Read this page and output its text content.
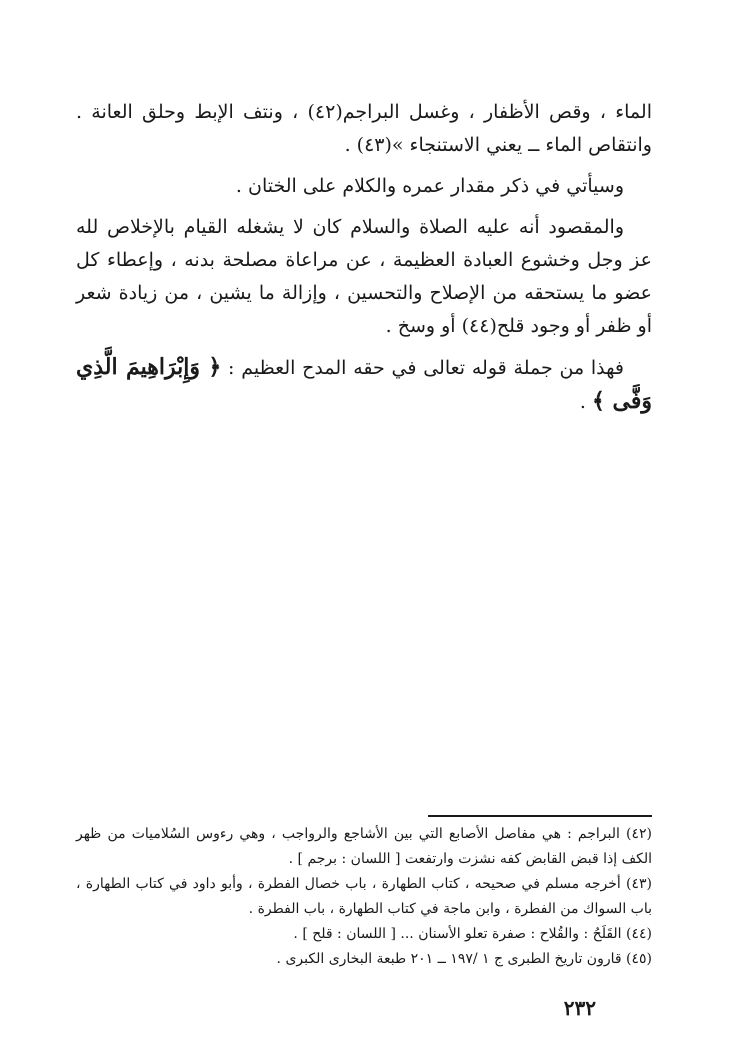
الماء ، وقص الأظفار ، وغسل البراجم(٤٢) ، ونتف الإبط وحلق العانة . وانتقاص الماء ــ يعني الاستنجاء »(٤٣) .

وسيأتي في ذكر مقدار عمره والكلام على الختان .

والمقصود أنه عليه الصلاة والسلام كان لا يشغله القيام بالإخلاص لله عز وجل وخشوع العبادة العظيمة ، عن مراعاة مصلحة بدنه ، وإعطاء كل عضو ما يستحقه من الإصلاح والتحسين ، وإزالة ما يشين ، من زيادة شعر أو ظفر أو وجود قلح(٤٤) أو وسخ .

فهذا من جملة قوله تعالى في حقه المدح العظيم : ﴿ وَإِبْرَاهِيمَ الَّذِي وَفَّى ﴾ .

(٤٢) البراجم : هي مفاصل الأصابع التي بين الأشاجع والرواجب ، وهي رءوس السُلاميات من ظهر الكف إذا قبض القابض كفه نشزت وارتفعت [ اللسان : برجم ] .

(٤٣) أخرجه مسلم في صحيحه ، كتاب الطهارة ، باب خصال الفطرة ، وأبو داود في كتاب الطهارة ، باب السواك من الفطرة ، وابن ماجة في كتاب الطهارة ، باب الفطرة .

(٤٤) القَلَحُ : والقُلاح : صفرة تعلو الأسنان ... [ اللسان : قلح ] .

(٤٥) قارون تاريخ الطبرى ج ١ /١٩٧ ــ ٢٠١ طبعة البخارى الكبرى .

٢٣٢
